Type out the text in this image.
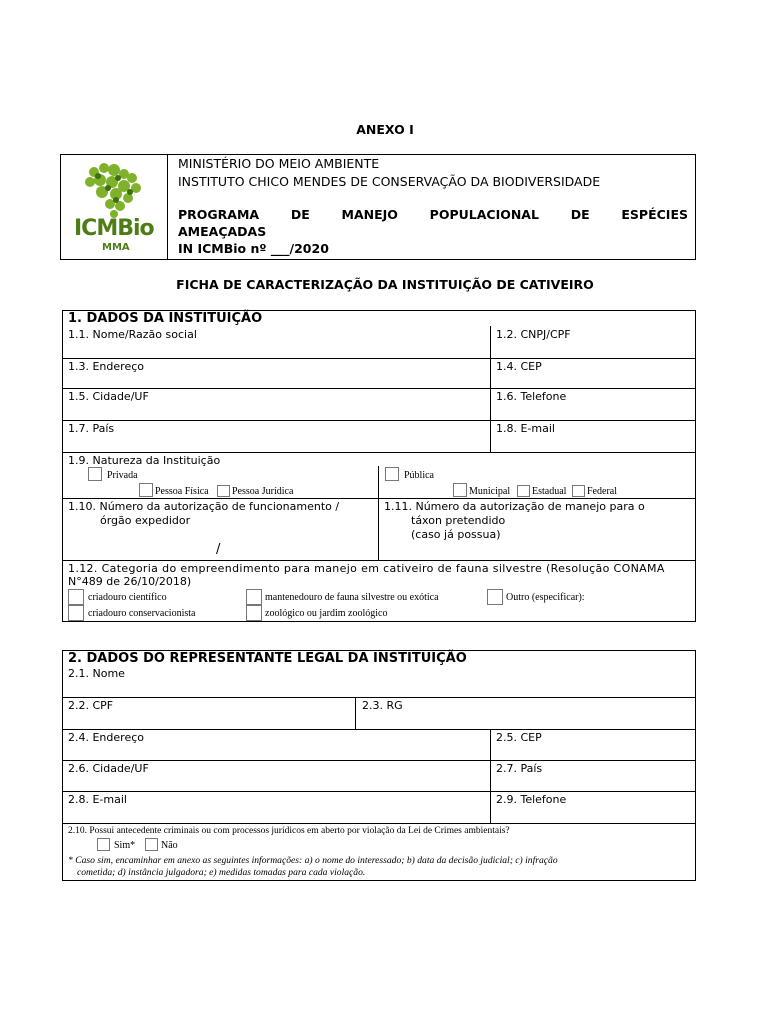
ANEXO I
ICMBio
MMA
MINISTÉRIO DO MEIO AMBIENTE
INSTITUTO CHICO MENDES DE CONSERVAÇÃO DA BIODIVERSIDADE
PROGRAMA	DE	MANEJO	POPULACIONAL	DE	ESPÉCIES
AMEAÇADAS
IN ICMBio nº ___/2020
FICHA DE CARACTERIZAÇÃO DA INSTITUIÇÃO DE CATIVEIRO
1. DADOS DA INSTITUIÇÃO
1.1. Nome/Razão social	1.2. CNPJ/CPF
1.3. Endereço	1.4. CEP
1.5. Cidade/UF	1.6. Telefone
1.7. País	1.8. E-mail
1.9. Natureza da Instituição
Privada
Pessoa Física Pessoa Jurídica
Pública
Municipal Estadual Federal
1.10. Número da autorização de funcionamento /
órgão expedidor
/
1.11. Número da autorização de manejo para o
táxon pretendido
(caso já possua)
1.12. Categoria do empreendimento para manejo em cativeiro de fauna silvestre (Resolução CONAMA
N°489 de 26/10/2018)
criadouro científico
criadouro conservacionista
mantenedouro de fauna silvestre ou exótica
zoológico ou jardim zoológico
Outro (especificar):
2. DADOS DO REPRESENTANTE LEGAL DA INSTITUIÇÃO
2.1. Nome
2.2. CPF	2.3. RG
2.4. Endereço	2.5. CEP
2.6. Cidade/UF	2.7. País
2.8. E-mail	2.9. Telefone
2.10. Possui antecedente criminais ou com processos jurídicos em aberto por violação da Lei de Crimes ambientais?
Sim*	Não
* Caso sim, encaminhar em anexo as seguintes informações: a) o nome do interessado; b) data da decisão judicial; c) infração
cometida; d) instância julgadora; e) medidas tomadas para cada violação.
